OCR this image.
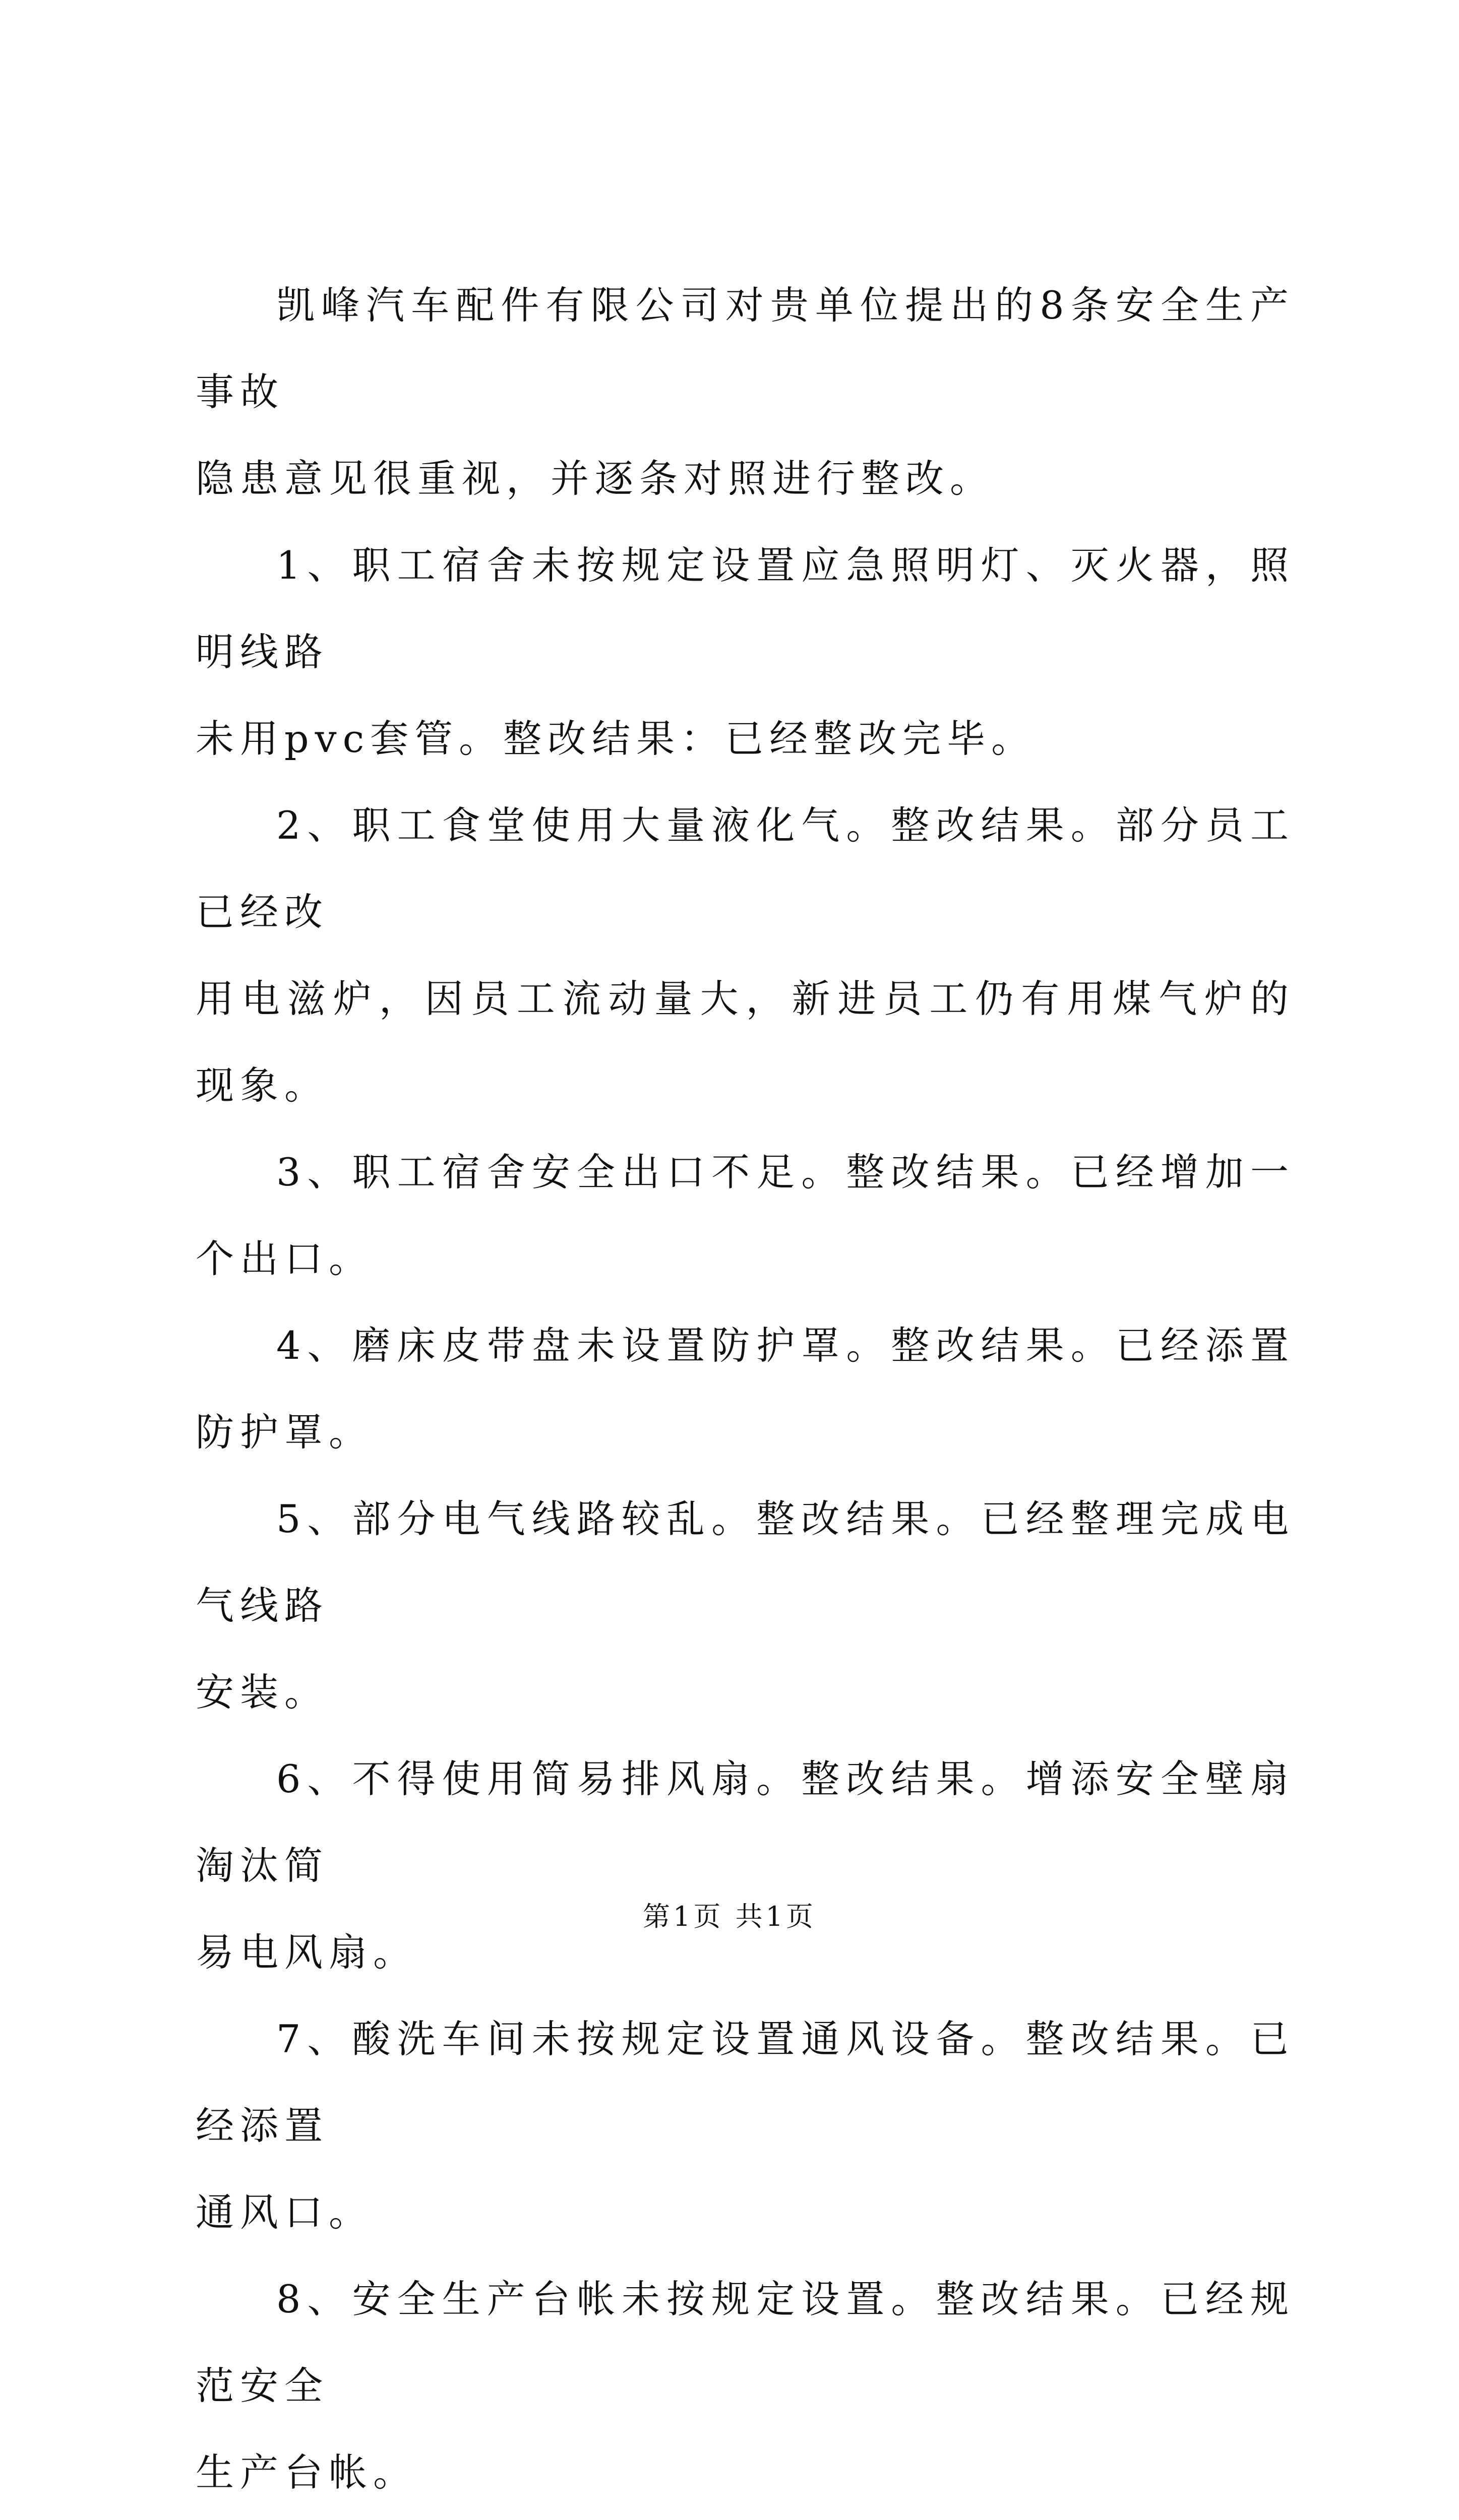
凯峰汽车配件有限公司对贵单位提出的8条安全生产事故
隐患意见很重视，并逐条对照进行整改。

1、职工宿舍未按规定设置应急照明灯、灭火器，照明线路
未用pvc套管。整改结果：已经整改完毕。

2、职工食堂使用大量液化气。整改结果。部分员工已经改
用电滋炉，因员工流动量大，新进员工仍有用煤气炉的现象。

3、职工宿舍安全出口不足。整改结果。已经增加一个出口。

4、磨床皮带盘未设置防护罩。整改结果。已经添置防护罩。

5、部分电气线路较乱。整改结果。已经整理完成电气线路
安装。

6、不得使用简易排风扇。整改结果。增添安全壁扇淘汰简
易电风扇。

7、酸洗车间未按规定设置通风设备。整改结果。已经添置
通风口。

8、安全生产台帐未按规定设置。整改结果。已经规范安全
生产台帐。

第1页 共1页
